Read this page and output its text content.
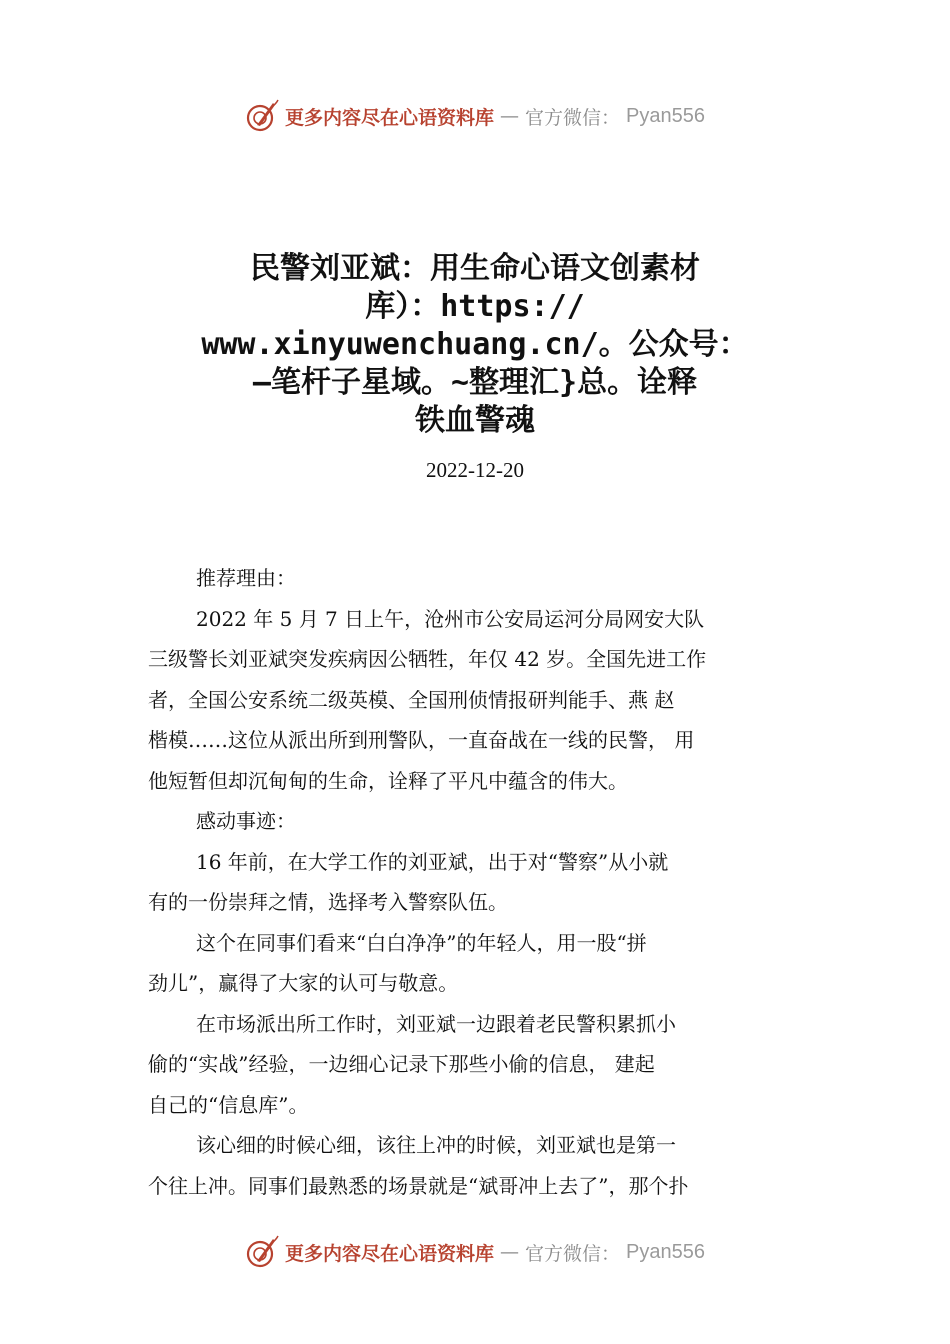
更多内容尽在心语资料库 — 官方微信： Pyan556
民警刘亚斌：用生命心语文创素材
库）：https://
www.xinyuwenchuang.cn/。公众号：
—笔杆子星域。~整理汇}总。诠释
铁血警魂
2022-12-20
推荐理由：
2022 年 5 月 7 日上午，沧州市公安局运河分局网安大队
三级警长刘亚斌突发疾病因公牺牲，年仅 42 岁。全国先进工作
者，全国公安系统二级英模、全国刑侦情报研判能手、燕 赵
楷模……这位从派出所到刑警队，一直奋战在一线的民警， 用
他短暂但却沉甸甸的生命，诠释了平凡中蕴含的伟大。
感动事迹：
16 年前，在大学工作的刘亚斌，出于对“警察”从小就
有的一份崇拜之情，选择考入警察队伍。
这个在同事们看来“白白净净”的年轻人，用一股“拼
劲儿”，赢得了大家的认可与敬意。
在市场派出所工作时，刘亚斌一边跟着老民警积累抓小
偷的“实战”经验，一边细心记录下那些小偷的信息， 建起
自己的“信息库”。
该心细的时候心细，该往上冲的时候，刘亚斌也是第一
个往上冲。同事们最熟悉的场景就是“斌哥冲上去了”，那个扑
更多内容尽在心语资料库 — 官方微信： Pyan556
